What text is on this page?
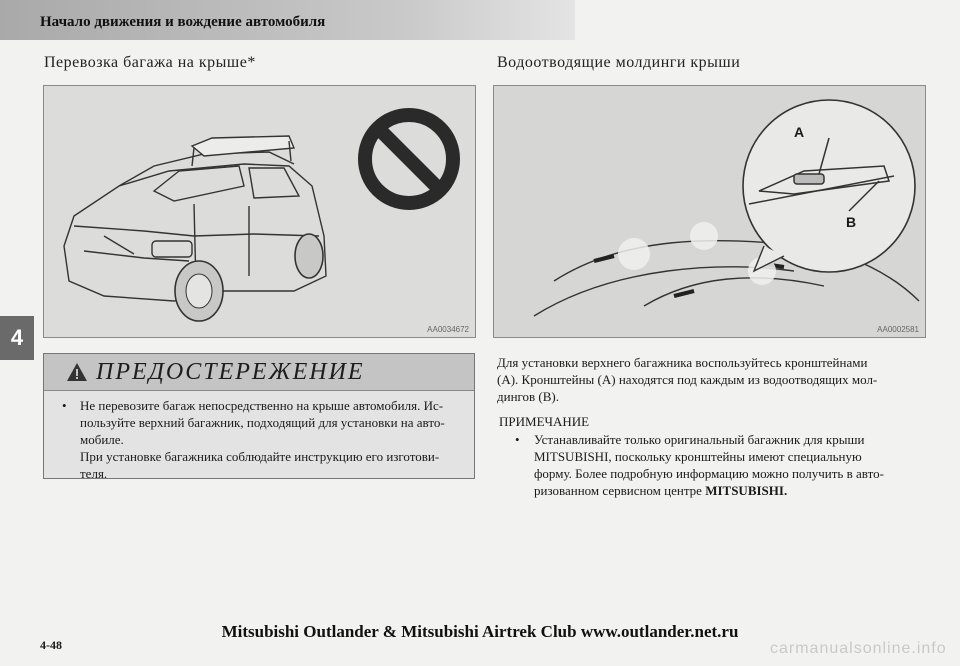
Начало движения и вождение автомобиля
4
Перевозка багажа на крыше*
AA0034672
ПРЕДОСТЕРЕЖЕНИЕ
•	Не перевозите багаж непосредственно на крыше автомобиля. Ис-
пользуйте верхний багажник, подходящий для установки на авто-
мобиле.
При установке багажника соблюдайте инструкцию его изготови-
теля.
Водоотводящие молдинги крыши
A
B
AA0002581
Для установки верхнего багажника воспользуйтесь кронштейнами
(A). Кронштейны (A) находятся под каждым из водоотводящих мол-
дингов (B).
ПРИМЕЧАНИЕ
•	Устанавливайте только оригинальный багажник для крыши
MITSUBISHI, поскольку кронштейны имеют специальную
форму. Более подробную информацию можно получить в авто-
ризованном сервисном центре MITSUBISHI.
Mitsubishi Outlander & Mitsubishi Airtrek Club www.outlander.net.ru
4-48	carmanualsonline.info
